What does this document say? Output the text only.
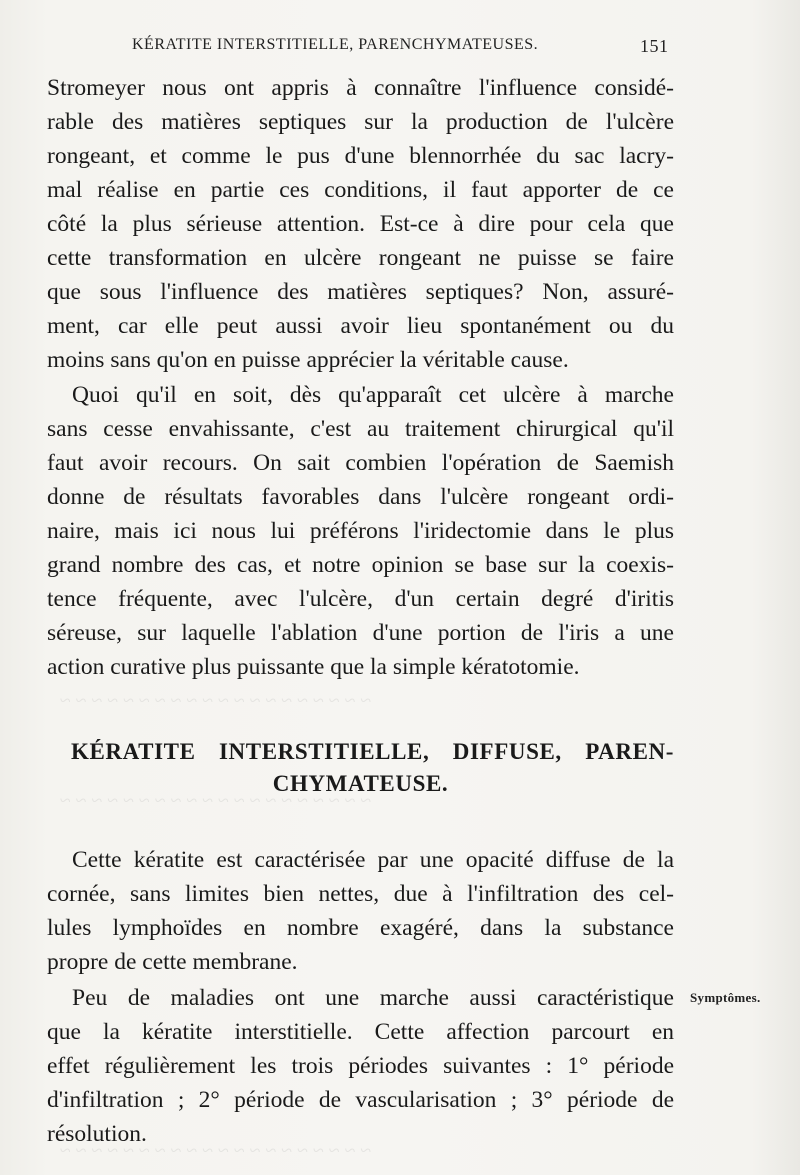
~ ~ ~ ~ ~ ~ ~ ~ ~ ~ ~ ~ ~ ~ ~ ~ ~ ~ ~ ~
~ ~ ~ ~ ~ ~ ~ ~ ~ ~ ~ ~ ~ ~ ~ ~ ~ ~ ~ ~
~ ~ ~ ~ ~ ~ ~ ~ ~ ~ ~ ~ ~ ~ ~ ~ ~ ~ ~ ~
KÉRATITE INTERSTITIELLE, PARENCHYMATEUSES.	151
Stromeyer nous ont appris à connaître l'influence considé-
rable des matières septiques sur la production de l'ulcère
rongeant, et comme le pus d'une blennorrhée du sac lacry-
mal réalise en partie ces conditions, il faut apporter de ce
côté la plus sérieuse attention. Est-ce à dire pour cela que
cette transformation en ulcère rongeant ne puisse se faire
que sous l'influence des matières septiques? Non, assuré-
ment, car elle peut aussi avoir lieu spontanément ou du
moins sans qu'on en puisse apprécier la véritable cause.
Quoi qu'il en soit, dès qu'apparaît cet ulcère à marche
sans cesse envahissante, c'est au traitement chirurgical qu'il
faut avoir recours. On sait combien l'opération de Saemish
donne de résultats favorables dans l'ulcère rongeant ordi-
naire, mais ici nous lui préférons l'iridectomie dans le plus
grand nombre des cas, et notre opinion se base sur la coexis-
tence fréquente, avec l'ulcère, d'un certain degré d'iritis
séreuse, sur laquelle l'ablation d'une portion de l'iris a une
action curative plus puissante que la simple kératotomie.
KÉRATITE INTERSTITIELLE, DIFFUSE, PAREN-
CHYMATEUSE.
Cette kératite est caractérisée par une opacité diffuse de la
cornée, sans limites bien nettes, due à l'infiltration des cel-
lules lymphoïdes en nombre exagéré, dans la substance
propre de cette membrane.
Peu de maladies ont une marche aussi caractéristique
que la kératite interstitielle. Cette affection parcourt en
effet régulièrement les trois périodes suivantes : 1° période
d'infiltration ; 2° période de vascularisation ; 3° période de
résolution.
Symptômes.
